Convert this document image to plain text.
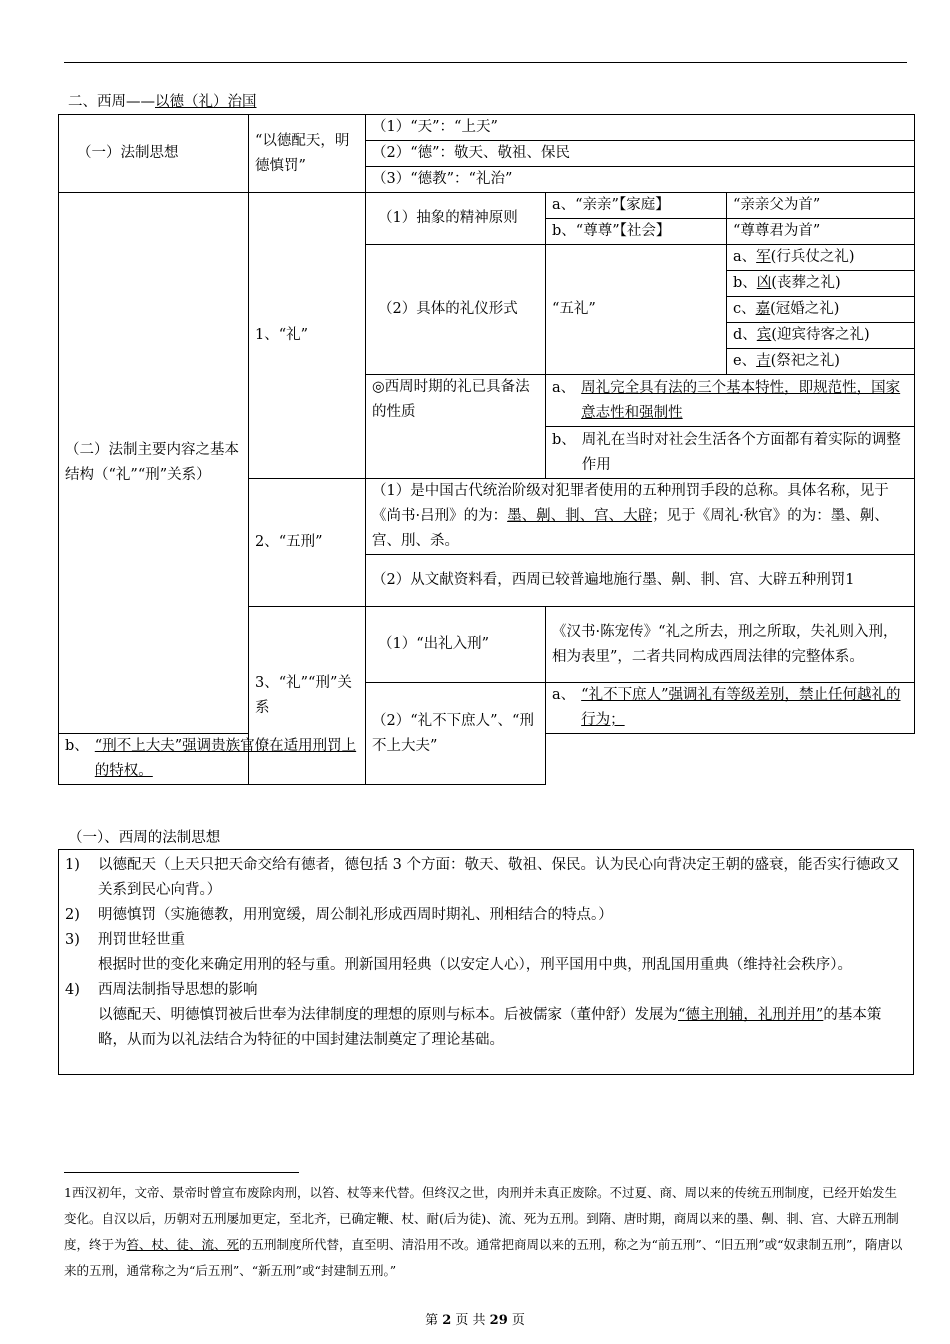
二、西周——以德（礼）治国
（一）法制思想	“以德配天，明德慎罚”	（1）“天”：“上天”		
		（2）“德”：敬天、敬祖、保民		
		（3）“德教”：“礼治”		
（二）法制主要内容之基本结构（“礼”“刑”关系）	1、“礼”	（1）抽象的精神原则	a、“亲亲”【家庭】	“亲亲父为首”
			b、“尊尊”【社会】	“尊尊君为首”
		（2）具体的礼仪形式	“五礼”	a、军(行兵仗之礼)
				b、凶(丧葬之礼)
				c、嘉(冠婚之礼)
				d、宾(迎宾待客之礼)
				e、吉(祭祀之礼)
		◎西周时期的礼已具备法的性质	a、 周礼完全具有法的三个基本特性，即规范性，国家意志性和强制性	

			b、 周礼在当时对社会生活各个方面都有着实际的调整作用	

	2、“五刑”	（1）是中国古代统治阶级对犯罪者使用的五种刑罚手段的总称。具体名称，见于《尚书·吕刑》的为：墨、劓、剕、宫、大辟；见于《周礼·秋官》的为：墨、劓、宫、刖、杀。		
		（2）从文献资料看，西周已较普遍地施行墨、劓、剕、宫、大辟五种刑罚1		
	3、“礼”“刑”关系	（1）“出礼入刑”	《汉书·陈宠传》“礼之所去，刑之所取，失礼则入刑，相为表里”，二者共同构成西周法律的完整体系。	
		（2）“礼不下庶人”、“刑不上大夫”	a、 “礼不下庶人”强调礼有等级差别，禁止任何越礼的行为；	

b、 “刑不上大夫”强调贵族官僚在适用刑罚上的特权。				
（一）、西周的法制思想
1)	以德配天（上天只把天命交给有德者，德包括 3 个方面：敬天、敬祖、保民。认为民心向背决定王朝的盛衰，能否实行德政又关系到民心向背。）
2)	明德慎罚（实施德教，用刑宽缓，周公制礼形成西周时期礼、刑相结合的特点。）
3)	刑罚世轻世重
根据时世的变化来确定用刑的轻与重。刑新国用轻典（以安定人心），刑平国用中典，刑乱国用重典（维持社会秩序）。
4)	西周法制指导思想的影响
以德配天、明德慎罚被后世奉为法律制度的理想的原则与标本。后被儒家（董仲舒）发展为“德主刑辅，礼刑并用”的基本策略，从而为以礼法结合为特征的中国封建法制奠定了理论基础。
1西汉初年，文帝、景帝时曾宣布废除肉刑，以笞、杖等来代替。但终汉之世，肉刑并未真正废除。不过夏、商、周以来的传统五刑制度，已经开始发生变化。自汉以后，历朝对五刑屡加更定，至北齐，已确定鞭、杖、耐(后为徒)、流、死为五刑。到隋、唐时期，商周以来的墨、劓、剕、宫、大辟五刑制度，终于为笞、杖、徒、流、死的五刑制度所代替，直至明、清沿用不改。通常把商周以来的五刑，称之为“前五刑”、“旧五刑”或“奴隶制五刑”，隋唐以来的五刑，通常称之为“后五刑”、“新五刑”或“封建制五刑。”
第 2 页 共 29 页
